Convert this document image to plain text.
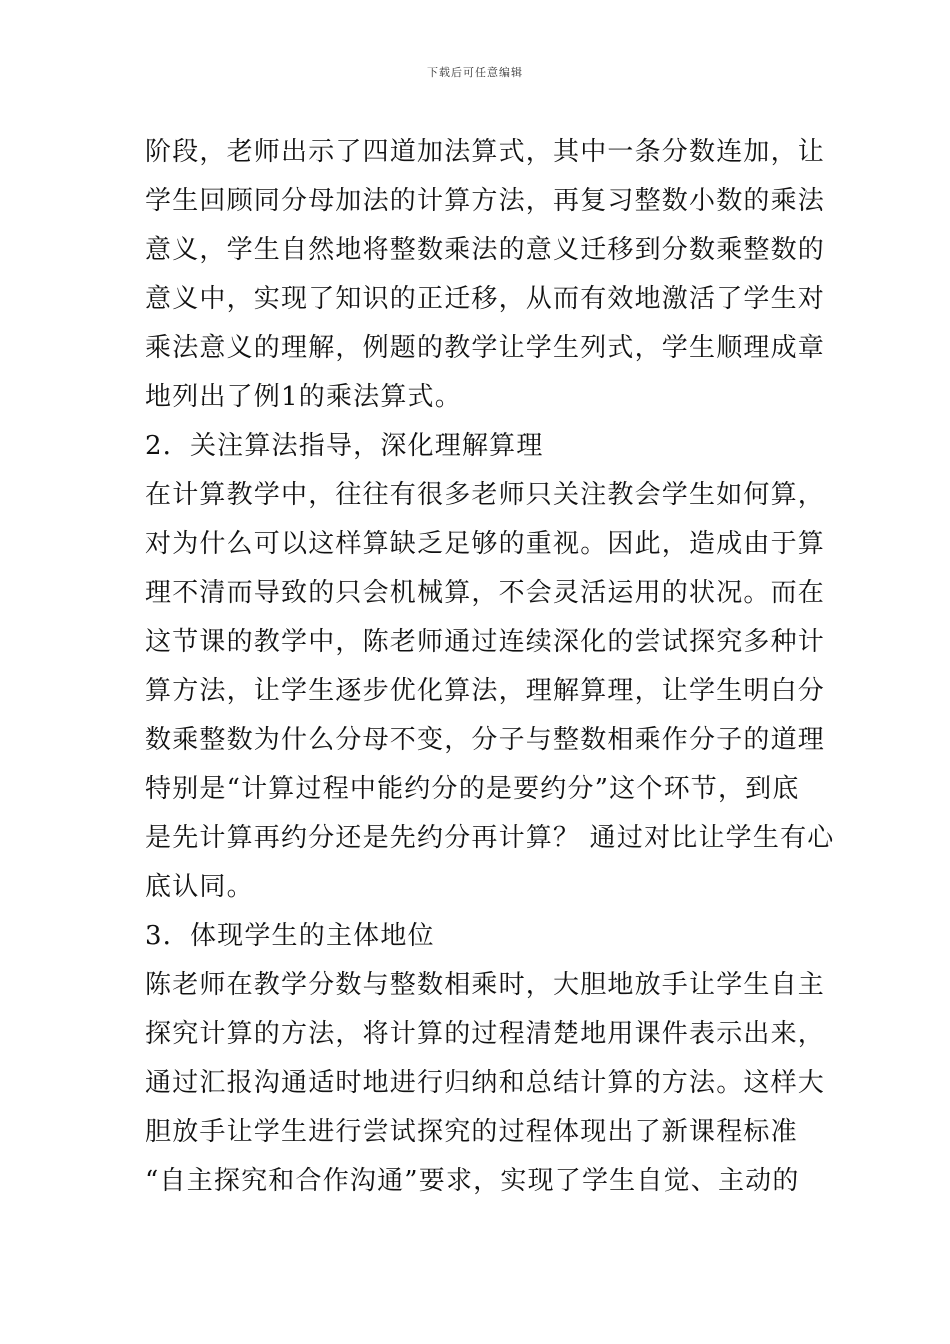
下载后可任意编辑
阶段，老师出示了四道加法算式，其中一条分数连加，让
学生回顾同分母加法的计算方法，再复习整数小数的乘法
意义，学生自然地将整数乘法的意义迁移到分数乘整数的
意义中，实现了知识的正迁移，从而有效地激活了学生对
乘法意义的理解，例题的教学让学生列式，学生顺理成章
地列出了例1的乘法算式。
2．关注算法指导，深化理解算理
在计算教学中，往往有很多老师只关注教会学生如何算，
对为什么可以这样算缺乏足够的重视。因此，造成由于算
理不清而导致的只会机械算，不会灵活运用的状况。而在
这节课的教学中，陈老师通过连续深化的尝试探究多种计
算方法，让学生逐步优化算法，理解算理，让学生明白分
数乘整数为什么分母不变，分子与整数相乘作分子的道理
特别是“计算过程中能约分的是要约分”这个环节，到底
是先计算再约分还是先约分再计算？ 通过对比让学生有心
底认同。
3．体现学生的主体地位
陈老师在教学分数与整数相乘时，大胆地放手让学生自主
探究计算的方法，将计算的过程清楚地用课件表示出来，
通过汇报沟通适时地进行归纳和总结计算的方法。这样大
胆放手让学生进行尝试探究的过程体现出了新课程标准
“自主探究和合作沟通”要求，实现了学生自觉、主动的
